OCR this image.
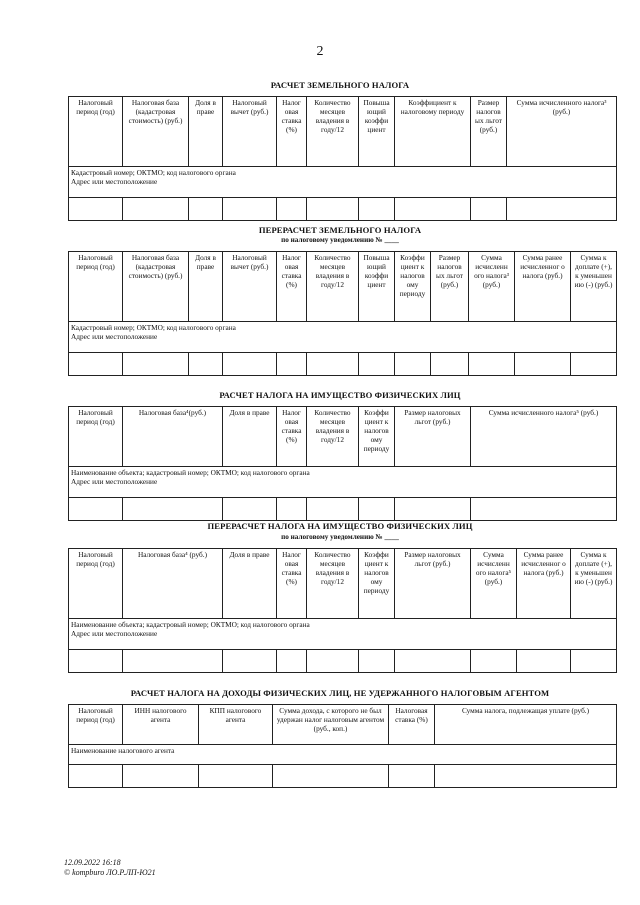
2
РАСЧЕТ ЗЕМЕЛЬНОГО НАЛОГА
Налоговый период (год)	Налоговая база (кадастровая стоимость) (руб.)	Доля в праве	Налоговый вычет (руб.)	Налог овая ставка (%)	Количество месяцев владения в году/12	Повыша ющий коэффи циент	Коэффициент к налоговому периоду	Размер налогов ых льгот (руб.)	Сумма исчисленного налога³ (руб.)

Кадастровый номер; ОКТМО; код налогового органа
Адрес или местоположение									

ПЕРЕРАСЧЕТ ЗЕМЕЛЬНОГО НАЛОГА
по налоговому уведомлению № ____
Налоговый период (год)	Налоговая база (кадастровая стоимость) (руб.)	Доля в праве	Налоговый вычет (руб.)	Налог овая ставка (%)	Количество месяцев владения в году/12	Повыша ющий коэффи циент	Коэффи циент к налогов ому периоду	Размер налогов ых льгот (руб.)	Сумма исчисленн ого налога³ (руб.)	Сумма ранее исчисленног о налога (руб.)	Сумма к доплате (+), к уменьшен ию (-) (руб.)

Кадастровый номер; ОКТМО; код налогового органа
Адрес или местоположение											

РАСЧЕТ НАЛОГА НА ИМУЩЕСТВО ФИЗИЧЕСКИХ ЛИЦ
Налоговый период (год)	Налоговая база⁴(руб.)	Доля в праве	Налог овая ставка (%)	Количество месяцев владения в году/12	Коэффи циент к налогов ому периоду	Размер налоговых льгот (руб.)	Сумма исчисленного налога⁵ (руб.)

Наименование объекта; кадастровый номер; ОКТМО; код налогового органа
Адрес или местоположение							

ПЕРЕРАСЧЕТ НАЛОГА НА ИМУЩЕСТВО ФИЗИЧЕСКИХ ЛИЦ
по налоговому уведомлению № ____
Налоговый период (год)	Налоговая база⁴ (руб.)	Доля в праве	Налог овая ставка (%)	Количество месяцев владения в году/12	Коэффи циент к налогов ому периоду	Размер налоговых льгот (руб.)	Сумма исчисленн ого налога⁵ (руб.)	Сумма ранее исчисленног о налога (руб.)	Сумма к доплате (+), к уменьшен ию (-) (руб.)

Наименование объекта; кадастровый номер; ОКТМО; код налогового органа
Адрес или местоположение									

РАСЧЕТ НАЛОГА НА ДОХОДЫ ФИЗИЧЕСКИХ ЛИЦ, НЕ УДЕРЖАННОГО НАЛОГОВЫМ АГЕНТОМ
Налоговый период (год)	ИНН налогового агента	КПП налогового агента	Сумма дохода, с которого не был удержан налог налоговым агентом (руб., коп.)	Налоговая ставка (%)	Сумма налога, подлежащая уплате (руб.)

Наименование налогового агента					

12.09.2022 16:18
© kompburo ЛО.Р.ЛП-Ю21
